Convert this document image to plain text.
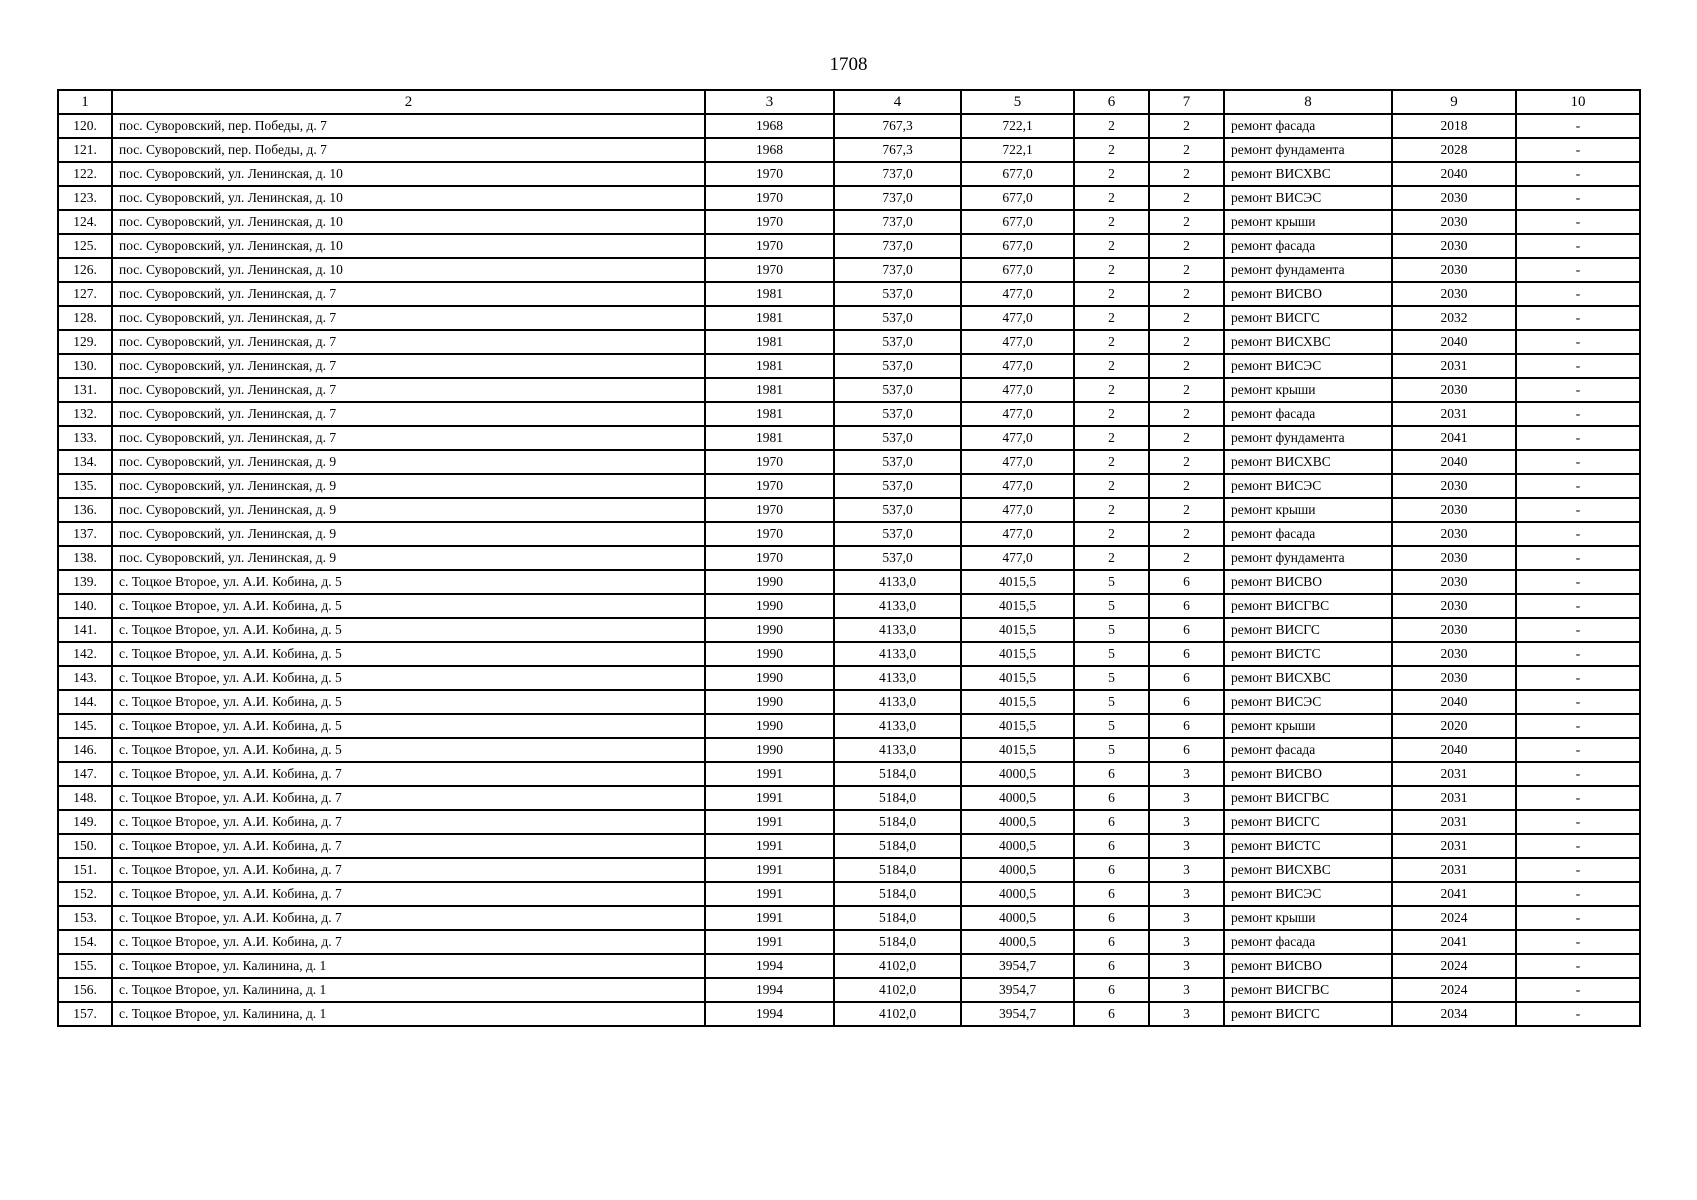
1708
1	2	3	4	5	6	7	8	9	10
120.	пос. Суворовский, пер. Победы, д. 7	1968	767,3	722,1	2	2	ремонт фасада	2018	-
121.	пос. Суворовский, пер. Победы, д. 7	1968	767,3	722,1	2	2	ремонт фундамента	2028	-
122.	пос. Суворовский, ул. Ленинская, д. 10	1970	737,0	677,0	2	2	ремонт ВИСХВС	2040	-
123.	пос. Суворовский, ул. Ленинская, д. 10	1970	737,0	677,0	2	2	ремонт ВИСЭС	2030	-
124.	пос. Суворовский, ул. Ленинская, д. 10	1970	737,0	677,0	2	2	ремонт крыши	2030	-
125.	пос. Суворовский, ул. Ленинская, д. 10	1970	737,0	677,0	2	2	ремонт фасада	2030	-
126.	пос. Суворовский, ул. Ленинская, д. 10	1970	737,0	677,0	2	2	ремонт фундамента	2030	-
127.	пос. Суворовский, ул. Ленинская, д. 7	1981	537,0	477,0	2	2	ремонт ВИСВО	2030	-
128.	пос. Суворовский, ул. Ленинская, д. 7	1981	537,0	477,0	2	2	ремонт ВИСГС	2032	-
129.	пос. Суворовский, ул. Ленинская, д. 7	1981	537,0	477,0	2	2	ремонт ВИСХВС	2040	-
130.	пос. Суворовский, ул. Ленинская, д. 7	1981	537,0	477,0	2	2	ремонт ВИСЭС	2031	-
131.	пос. Суворовский, ул. Ленинская, д. 7	1981	537,0	477,0	2	2	ремонт крыши	2030	-
132.	пос. Суворовский, ул. Ленинская, д. 7	1981	537,0	477,0	2	2	ремонт фасада	2031	-
133.	пос. Суворовский, ул. Ленинская, д. 7	1981	537,0	477,0	2	2	ремонт фундамента	2041	-
134.	пос. Суворовский, ул. Ленинская, д. 9	1970	537,0	477,0	2	2	ремонт ВИСХВС	2040	-
135.	пос. Суворовский, ул. Ленинская, д. 9	1970	537,0	477,0	2	2	ремонт ВИСЭС	2030	-
136.	пос. Суворовский, ул. Ленинская, д. 9	1970	537,0	477,0	2	2	ремонт крыши	2030	-
137.	пос. Суворовский, ул. Ленинская, д. 9	1970	537,0	477,0	2	2	ремонт фасада	2030	-
138.	пос. Суворовский, ул. Ленинская, д. 9	1970	537,0	477,0	2	2	ремонт фундамента	2030	-
139.	с. Тоцкое Второе, ул. А.И. Кобина, д. 5	1990	4133,0	4015,5	5	6	ремонт ВИСВО	2030	-
140.	с. Тоцкое Второе, ул. А.И. Кобина, д. 5	1990	4133,0	4015,5	5	6	ремонт ВИСГВС	2030	-
141.	с. Тоцкое Второе, ул. А.И. Кобина, д. 5	1990	4133,0	4015,5	5	6	ремонт ВИСГС	2030	-
142.	с. Тоцкое Второе, ул. А.И. Кобина, д. 5	1990	4133,0	4015,5	5	6	ремонт ВИСТС	2030	-
143.	с. Тоцкое Второе, ул. А.И. Кобина, д. 5	1990	4133,0	4015,5	5	6	ремонт ВИСХВС	2030	-
144.	с. Тоцкое Второе, ул. А.И. Кобина, д. 5	1990	4133,0	4015,5	5	6	ремонт ВИСЭС	2040	-
145.	с. Тоцкое Второе, ул. А.И. Кобина, д. 5	1990	4133,0	4015,5	5	6	ремонт крыши	2020	-
146.	с. Тоцкое Второе, ул. А.И. Кобина, д. 5	1990	4133,0	4015,5	5	6	ремонт фасада	2040	-
147.	с. Тоцкое Второе, ул. А.И. Кобина, д. 7	1991	5184,0	4000,5	6	3	ремонт ВИСВО	2031	-
148.	с. Тоцкое Второе, ул. А.И. Кобина, д. 7	1991	5184,0	4000,5	6	3	ремонт ВИСГВС	2031	-
149.	с. Тоцкое Второе, ул. А.И. Кобина, д. 7	1991	5184,0	4000,5	6	3	ремонт ВИСГС	2031	-
150.	с. Тоцкое Второе, ул. А.И. Кобина, д. 7	1991	5184,0	4000,5	6	3	ремонт ВИСТС	2031	-
151.	с. Тоцкое Второе, ул. А.И. Кобина, д. 7	1991	5184,0	4000,5	6	3	ремонт ВИСХВС	2031	-
152.	с. Тоцкое Второе, ул. А.И. Кобина, д. 7	1991	5184,0	4000,5	6	3	ремонт ВИСЭС	2041	-
153.	с. Тоцкое Второе, ул. А.И. Кобина, д. 7	1991	5184,0	4000,5	6	3	ремонт крыши	2024	-
154.	с. Тоцкое Второе, ул. А.И. Кобина, д. 7	1991	5184,0	4000,5	6	3	ремонт фасада	2041	-
155.	с. Тоцкое Второе, ул. Калинина, д. 1	1994	4102,0	3954,7	6	3	ремонт ВИСВО	2024	-
156.	с. Тоцкое Второе, ул. Калинина, д. 1	1994	4102,0	3954,7	6	3	ремонт ВИСГВС	2024	-
157.	с. Тоцкое Второе, ул. Калинина, д. 1	1994	4102,0	3954,7	6	3	ремонт ВИСГС	2034	-
